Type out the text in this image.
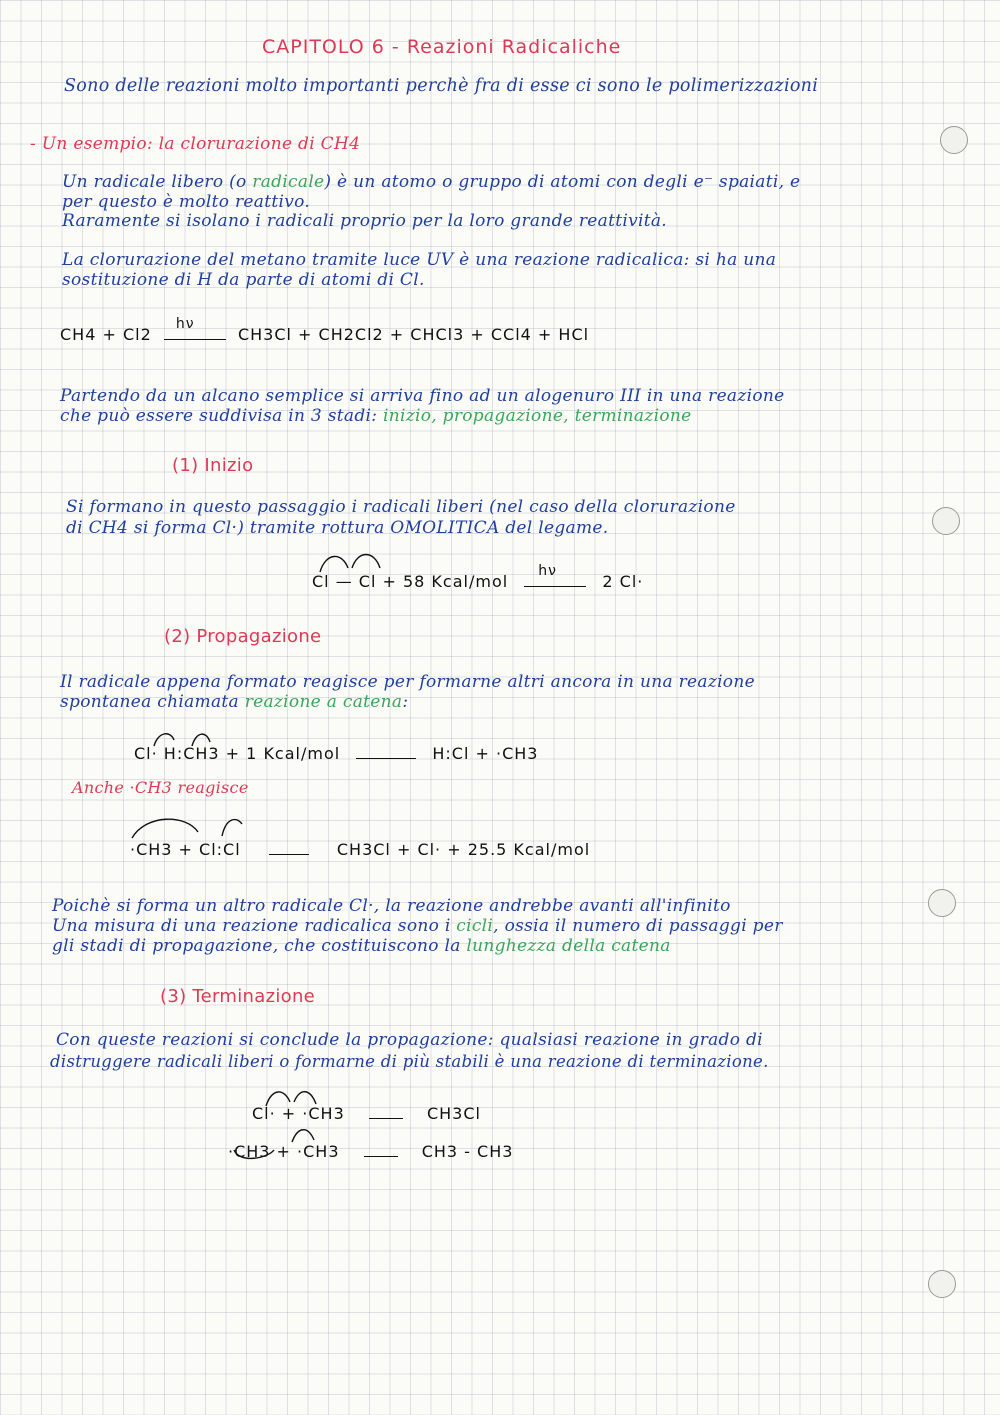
CAPITOLO 6 - Reazioni Radicaliche
Sono delle reazioni molto importanti perchè fra di esse ci sono le polimerizzazioni
- Un esempio: la clorurazione di CH4
Un radicale libero (o radicale) è un atomo o gruppo di atomi con degli e⁻ spaiati, e
per questo è molto reattivo.
Raramente si isolano i radicali proprio per la loro grande reattività.
La clorurazione del metano tramite luce UV è una reazione radicalica: si ha una
sostituzione di H da parte di atomi di Cl.
CH4 + Cl2
hν
CH3Cl + CH2Cl2 + CHCl3 + CCl4 + HCl
Partendo da un alcano semplice si arriva fino ad un alogenuro III in una reazione
che può essere suddivisa in 3 stadi: inizio, propagazione, terminazione
(1) Inizio
Si formano in questo passaggio i radicali liberi (nel caso della clorurazione
di CH4 si forma Cl·) tramite rottura OMOLITICA del legame.
Cl — Cl + 58 Kcal/mol
hν
2 Cl·
(2) Propagazione
Il radicale appena formato reagisce per formarne altri ancora in una reazione
spontanea chiamata reazione a catena:
Cl· H:CH3 + 1 Kcal/mol	H:Cl + ·CH3
Anche ·CH3 reagisce
·CH3 + Cl:Cl	CH3Cl + Cl· + 25.5 Kcal/mol
Poichè si forma un altro radicale Cl·, la reazione andrebbe avanti all'infinito
Una misura di una reazione radicalica sono i cicli, ossia il numero di passaggi per
gli stadi di propagazione, che costituiscono la lunghezza della catena
(3) Terminazione
Con queste reazioni si conclude la propagazione: qualsiasi reazione in grado di
distruggere radicali liberi o formarne di più stabili è una reazione di terminazione.
Cl· + ·CH3	CH3Cl
·CH3 + ·CH3	CH3 - CH3
